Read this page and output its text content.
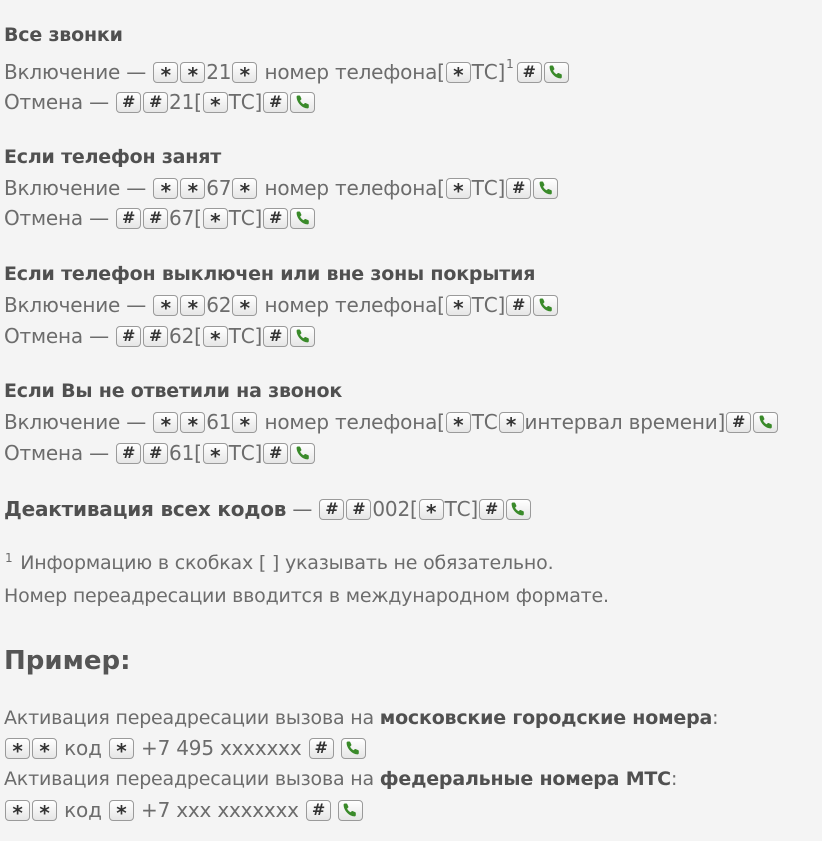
Все звонки
Включение — * * 21 * номер телефона[ * ТС] 1 #
Отмена — # # 21[ * ТС] #
Если телефон занят
Включение — * * 67 * номер телефона[ * ТС] #
Отмена — # # 67[ * ТС] #
Если телефон выключен или вне зоны покрытия
Включение — * * 62 * номер телефона[ * ТС] #
Отмена — # # 62[ * ТС] #
Если Вы не ответили на звонок
Включение — * * 61 * номер телефона[ * ТС * интервал времени] #
Отмена — # # 61[ * ТС] #
Деактивация всех кодов — # # 002[ * ТС] #
$^1$ Информацию в скобках [ ] указывать не обязательно.
Номер переадресации вводится в международном формате.
Пример:
Активация переадресации вызова на московские городские номера:
* * код * +7 495 ххххххх #
Активация переадресации вызова на федеральные номера МТС:
* * код * +7 ххх ххххххх #
